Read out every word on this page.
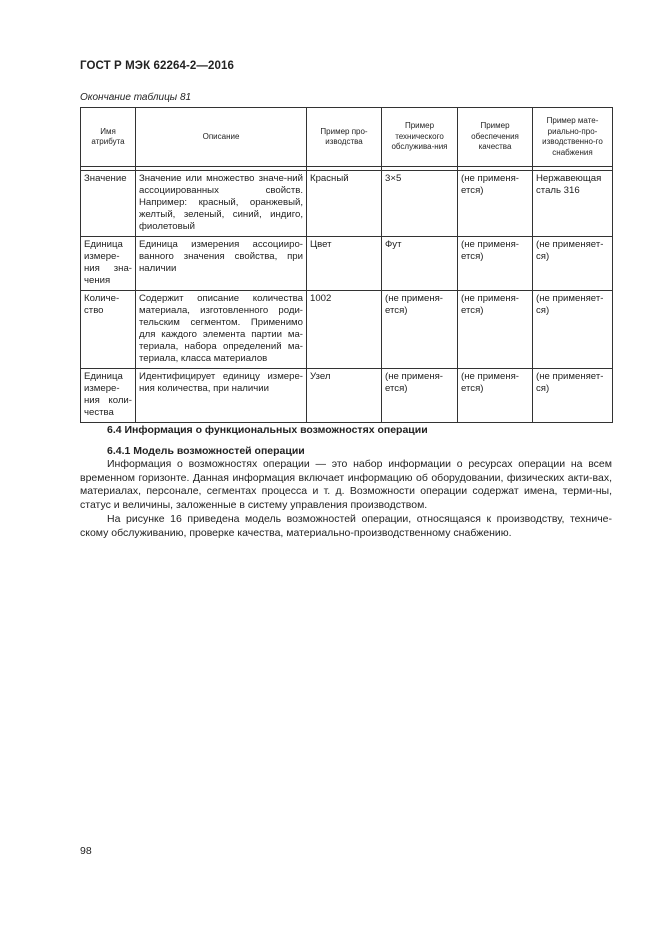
ГОСТ Р МЭК 62264-2—2016
Окончание таблицы 81
Имя атрибута	Описание	Пример про-изводства	Пример технического обслужива-ния	Пример обеспечения качества	Пример мате-риально-про-изводственно-го снабжения

Значение	Значение или множество значе-ний ассоциированных свойств. Например: красный, оранжевый, желтый, зеленый, синий, индиго, фиолетовый	Красный	3×5	(не применя-ется)	Нержавеющая сталь 316
Единица измере-ния зна-чения	Единица измерения ассоцииро-ванного значения свойства, при наличии	Цвет	Фут	(не применя-ется)	(не применяет-ся)
Количе-ство	Содержит описание количества материала, изготовленного роди-тельским сегментом. Применимо для каждого элемента партии ма-териала, набора определений ма-териала, класса материалов	1002	(не применя-ется)	(не применя-ется)	(не применяет-ся)
Единица измере-ния коли-чества	Идентифицирует единицу измере-ния количества, при наличии	Узел	(не применя-ется)	(не применя-ется)	(не применяет-ся)
6.4 Информация о функциональных возможностях операции
6.4.1 Модель возможностей операции
Информация о возможностях операции — это набор информации о ресурсах операции на всем временном горизонте. Данная информация включает информацию об оборудовании, физических акти-вах, материалах, персонале, сегментах процесса и т. д. Возможности операции содержат имена, терми-ны, статус и величины, заложенные в систему управления производством.
На рисунке 16 приведена модель возможностей операции, относящаяся к производству, техниче-скому обслуживанию, проверке качества, материально-производственному снабжению.
98
